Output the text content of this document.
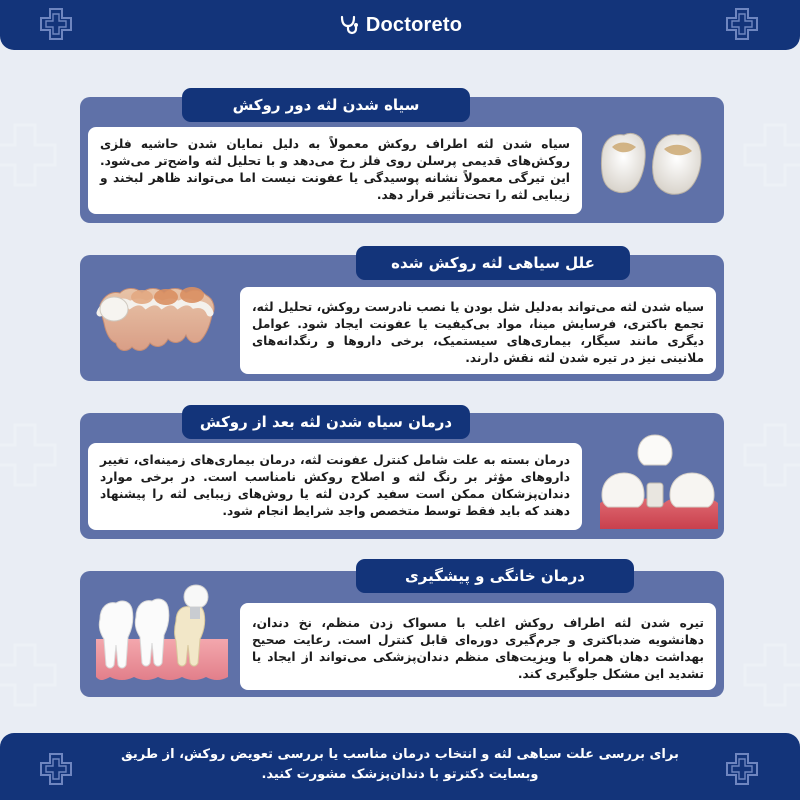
Doctoreto
سیاه شدن لثه اطراف روکش معمولاً به دلیل نمایان شدن حاشیه فلزی روکش‌های قدیمی پرسلن روی فلز رخ می‌دهد و با تحلیل لثه واضح‌تر می‌شود. این تیرگی معمولاً نشانه پوسیدگی یا عفونت نیست اما می‌تواند ظاهر لبخند و زیبایی لثه را تحت‌تأثیر قرار دهد.
سیاه شدن لثه دور روکش
سیاه شدن لثه می‌تواند به‌دلیل شل بودن یا نصب نادرست روکش، تحلیل لثه، تجمع باکتری، فرسایش مینا، مواد بی‌کیفیت یا عفونت ایجاد شود. عوامل دیگری مانند سیگار، بیماری‌های سیستمیک، برخی داروها و رنگدانه‌های ملانینی نیز در تیره شدن لثه نقش دارند.
علل سیاهی لثه روکش شده
درمان بسته به علت شامل کنترل عفونت لثه، درمان بیماری‌های زمینه‌ای، تغییر داروهای مؤثر بر رنگ لثه و اصلاح روکش نامناسب است. در برخی موارد دندان‌پزشکان ممکن است سفید کردن لثه یا روش‌های زیبایی لثه را پیشنهاد دهند که باید فقط توسط متخصص واجد شرایط انجام شود.
درمان سیاه شدن لثه بعد از روکش
تیره شدن لثه اطراف روکش اغلب با مسواک زدن منظم، نخ دندان، دهانشویه ضدباکتری و جرم‌گیری دوره‌ای قابل کنترل است. رعایت صحیح بهداشت دهان همراه با ویزیت‌های منظم دندان‌پزشکی می‌تواند از ایجاد یا تشدید این مشکل جلوگیری کند.
درمان خانگی و پیشگیری
برای بررسی علت سیاهی لثه و انتخاب درمان مناسب یا بررسی تعویض روکش، از طریق وبسایت دکترتو با دندان‌پزشک مشورت کنید.
